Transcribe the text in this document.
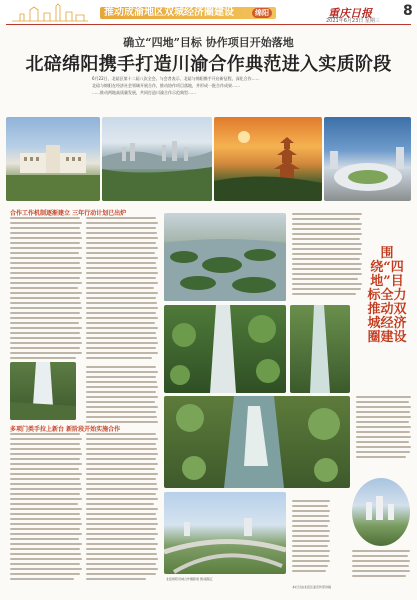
推动成渝地区双城经济圈建设	绵阳	重庆日报 8
2021年6月23日 星期三
确立“四地”目标 协作项目开始落地
北碚绵阳携手打造川渝合作典范进入实质阶段
6月22日，北碚区第十二届八次全会。与会者表示，北碚与绵阳携手开启新征程，深化合作……
北碚与绵阳在经济社会领域开展合作，推动协作项目落地，并形成一批合作成果……
……推动两地高质量发展，共同打造川渝合作示范典型……
合作工作机制逐渐建立 三年行动计划已出炉
多项门类手拉上新台 新阶段开始实施合作
北碚绵阳双城合作摄影展 图/嘉陵江
围绕“四地”目标全力推动双城经济圈建设
本栏目由北碚区委宣传部供稿
